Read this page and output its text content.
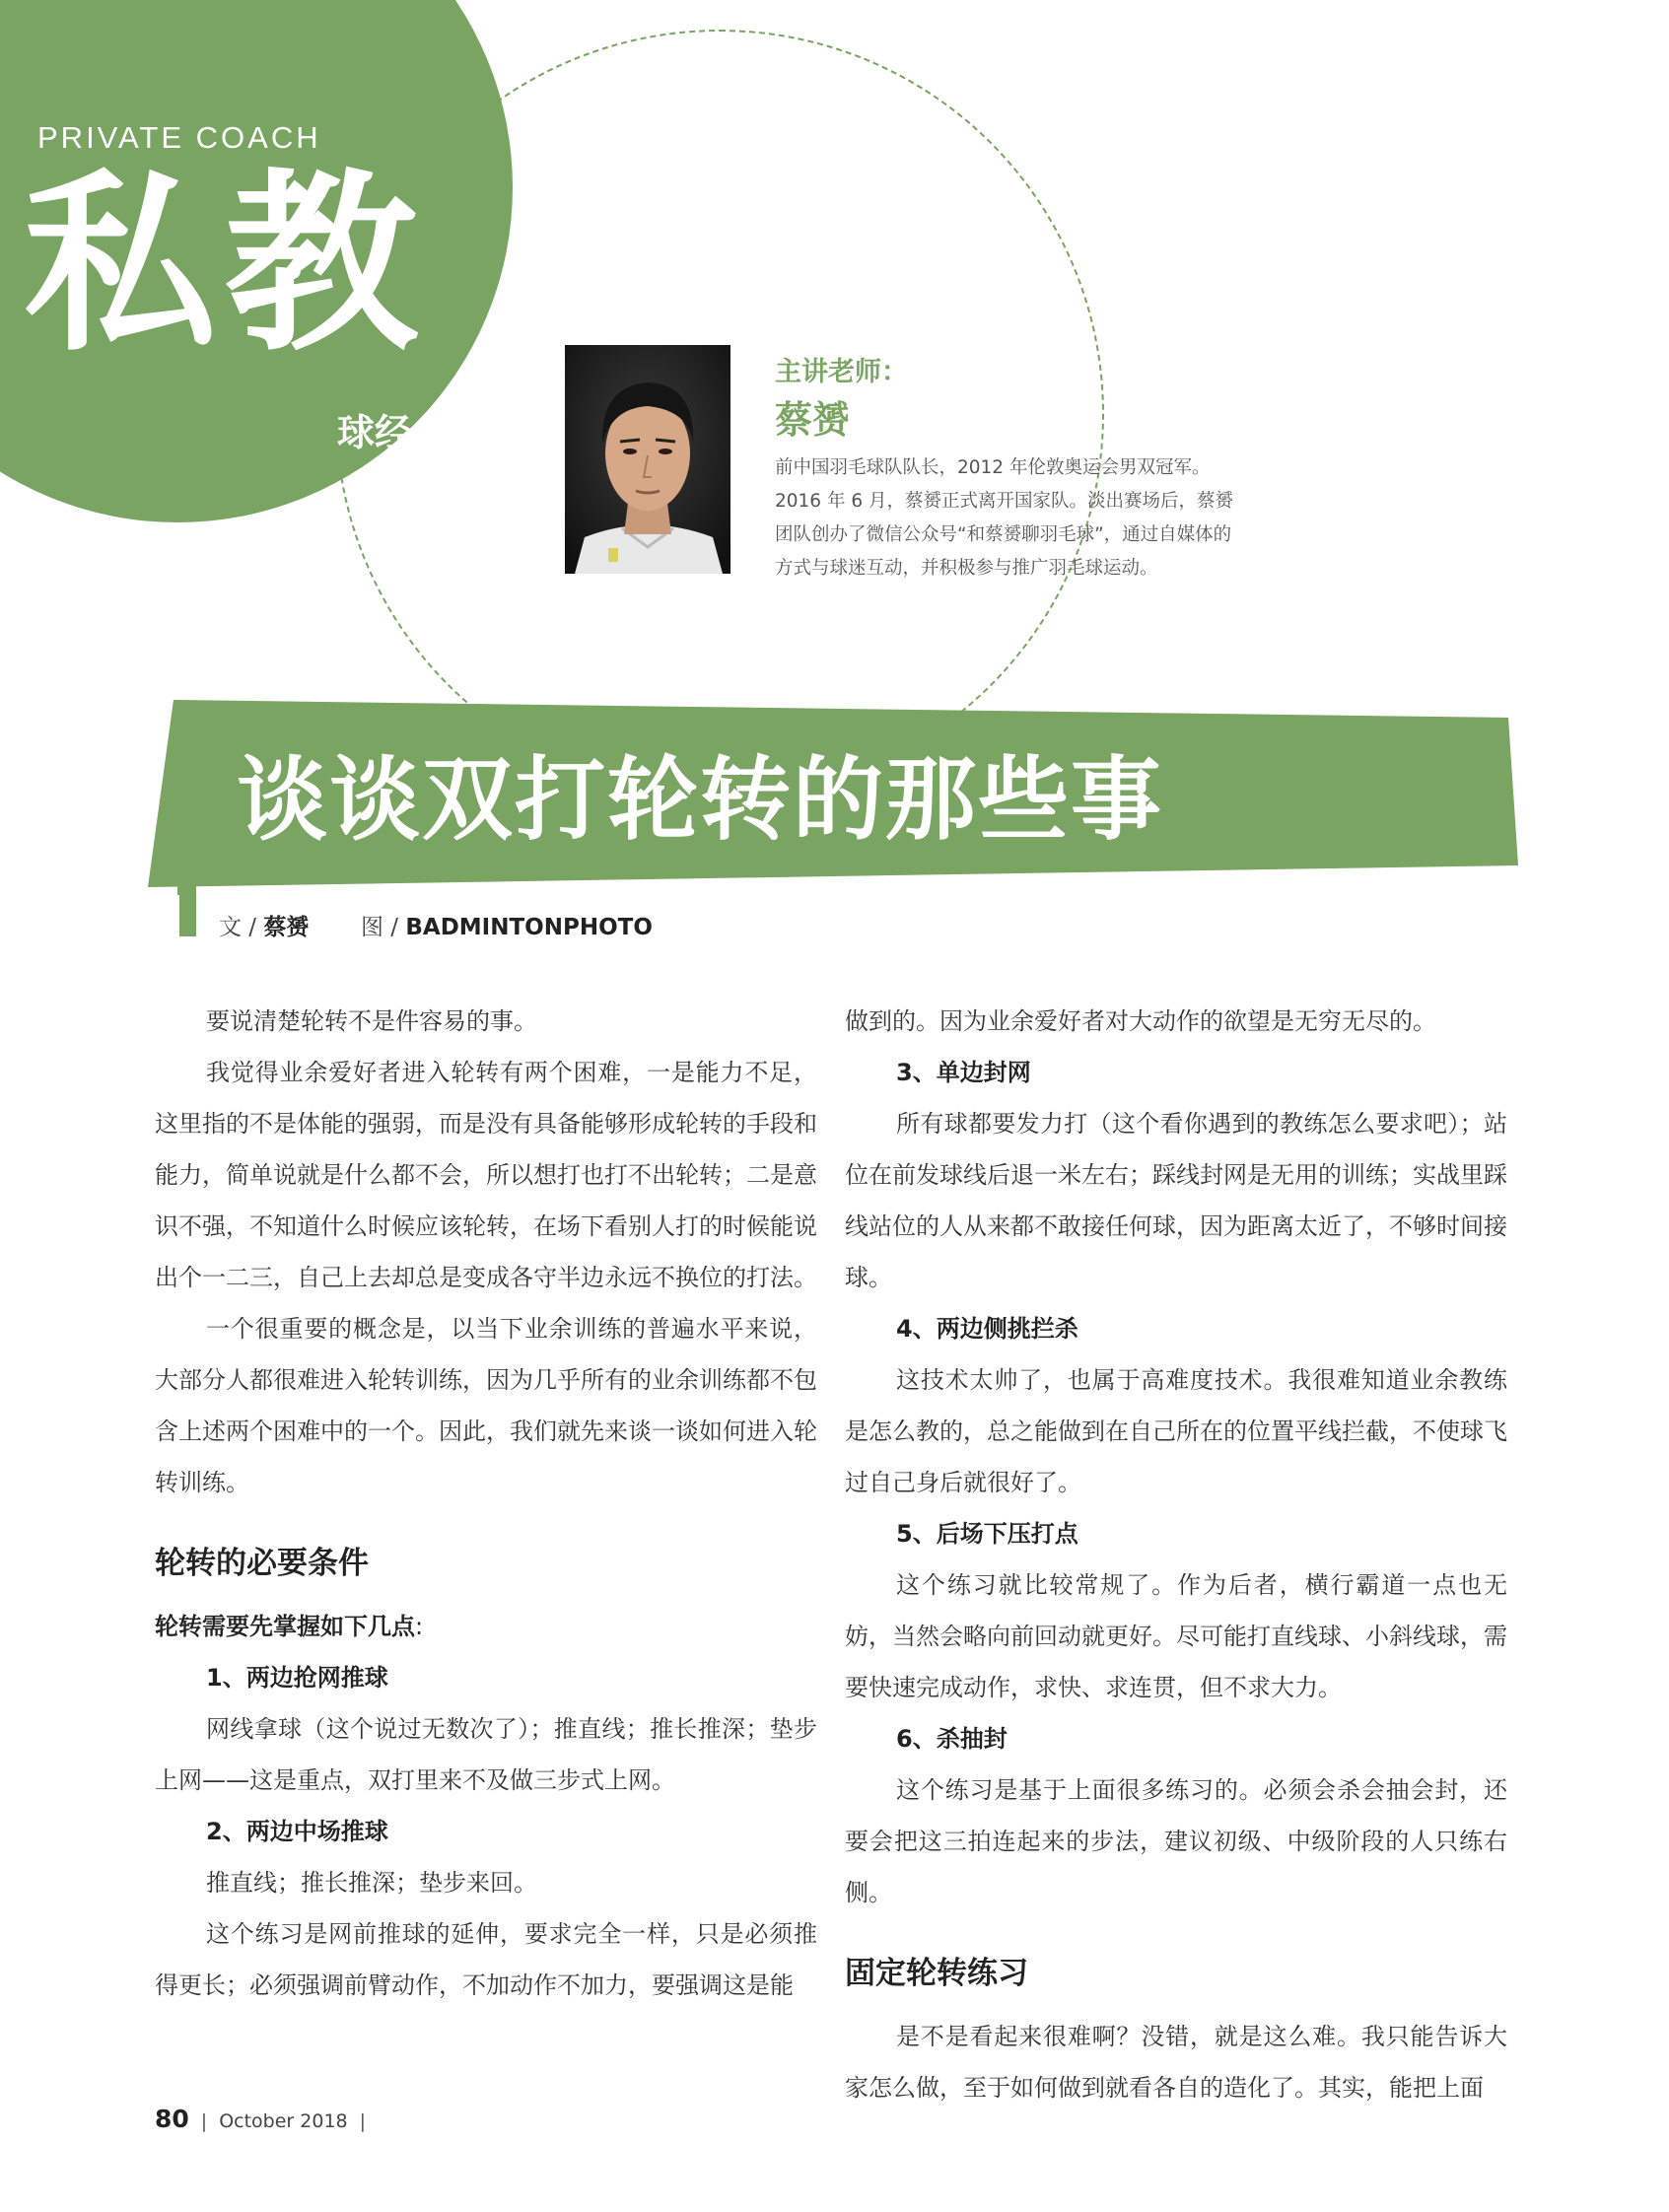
PRIVATE COACH
私教
球经
主讲老师：
蔡赟

前中国羽毛球队队长，2012 年伦敦奥运会男双冠军。2016 年 6 月，蔡赟正式离开国家队。淡出赛场后，蔡赟团队创办了微信公众号“和蔡赟聊羽毛球”，通过自媒体的方式与球迷互动，并积极参与推广羽毛球运动。

谈谈双打轮转的那些事
文 / 蔡赟 图 / BADMINTONPHOTO

要说清楚轮转不是件容易的事。

我觉得业余爱好者进入轮转有两个困难，一是能力不足，这里指的不是体能的强弱，而是没有具备能够形成轮转的手段和能力，简单说就是什么都不会，所以想打也打不出轮转；二是意识不强，不知道什么时候应该轮转，在场下看别人打的时候能说出个一二三，自己上去却总是变成各守半边永远不换位的打法。

一个很重要的概念是，以当下业余训练的普遍水平来说，大部分人都很难进入轮转训练，因为几乎所有的业余训练都不包含上述两个困难中的一个。因此，我们就先来谈一谈如何进入轮转训练。

轮转的必要条件
轮转需要先掌握如下几点:
1、两边抢网推球

网线拿球（这个说过无数次了）；推直线；推长推深；垫步上网——这是重点，双打里来不及做三步式上网。

2、两边中场推球

推直线；推长推深；垫步来回。

这个练习是网前推球的延伸，要求完全一样，只是必须推得更长；必须强调前臂动作，不加动作不加力，要强调这是能

做到的。因为业余爱好者对大动作的欲望是无穷无尽的。

3、单边封网

所有球都要发力打（这个看你遇到的教练怎么要求吧）；站位在前发球线后退一米左右；踩线封网是无用的训练；实战里踩线站位的人从来都不敢接任何球，因为距离太近了，不够时间接球。

4、两边侧挑拦杀

这技术太帅了，也属于高难度技术。我很难知道业余教练是怎么教的，总之能做到在自己所在的位置平线拦截，不使球飞过自己身后就很好了。

5、后场下压打点

这个练习就比较常规了。作为后者，横行霸道一点也无妨，当然会略向前回动就更好。尽可能打直线球、小斜线球，需要快速完成动作，求快、求连贯，但不求大力。

6、杀抽封

这个练习是基于上面很多练习的。必须会杀会抽会封，还要会把这三拍连起来的步法，建议初级、中级阶段的人只练右侧。

固定轮转练习

是不是看起来很难啊？没错，就是这么难。我只能告诉大家怎么做，至于如何做到就看各自的造化了。其实，能把上面

80 | October 2018 |
